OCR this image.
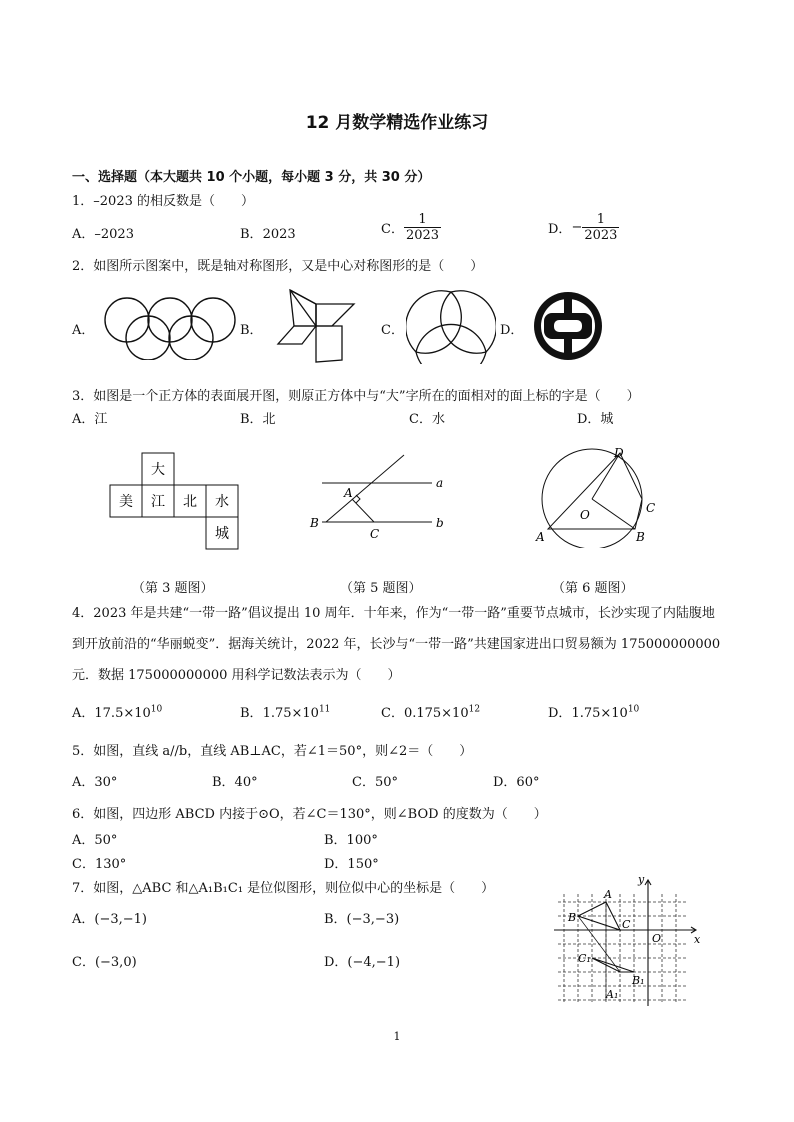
12 月数学精选作业练习
一、选择题（本大题共 10 个小题，每小题 3 分，共 30 分）
1．–2023 的相反数是（　　）
A．–2023	B．2023	C． $\frac{1}{2023}$	D．− $\frac{1}{2023}$
2．如图所示图案中，既是轴对称图形，又是中心对称图形的是（　　）
A．	B．	C．	D．
3．如图是一个正方体的表面展开图，则原正方体中与“大”字所在的面相对的面上标的字是（　　）
A．江	B．北	C．水	D．城
大
美 江 北 水
城
A
B
C
a
b
D
C
B
A
O
（第 3 题图）	（第 5 题图）	（第 6 题图）
4．2023 年是共建“一带一路”倡议提出 10 周年．十年来，作为“一带一路”重要节点城市，长沙实现了内陆腹地到开放前沿的“华丽蜕变”．据海关统计，2022 年，长沙与“一带一路”共建国家进出口贸易额为 175000000000 元．数据 175000000000 用科学记数法表示为（　　）
A．$17.5\times 10^{10}$	B．$1.75\times 10^{11}$	C．$0.175\times 10^{12}$	D．$1.75\times 10^{10}$
5．如图，直线 a//b，直线 AB⊥AC，若∠1＝50°，则∠2＝（　　）
A．30°	B．40°	C．50°	D．60°
6．如图，四边形 ABCD 内接于⊙O，若∠C＝130°，则∠BOD 的度数为（　　）
A．50°	B．100°
C．130°	D．150°
7．如图，△ABC 和△A₁B₁C₁ 是位似图形，则位似中心的坐标是（　　）
A．(−3,−1)	B．(−3,−3)
C．(−3,0)	D．(−4,−1)
y
x
O
A
B
C
C₁
B₁
A₁
1
